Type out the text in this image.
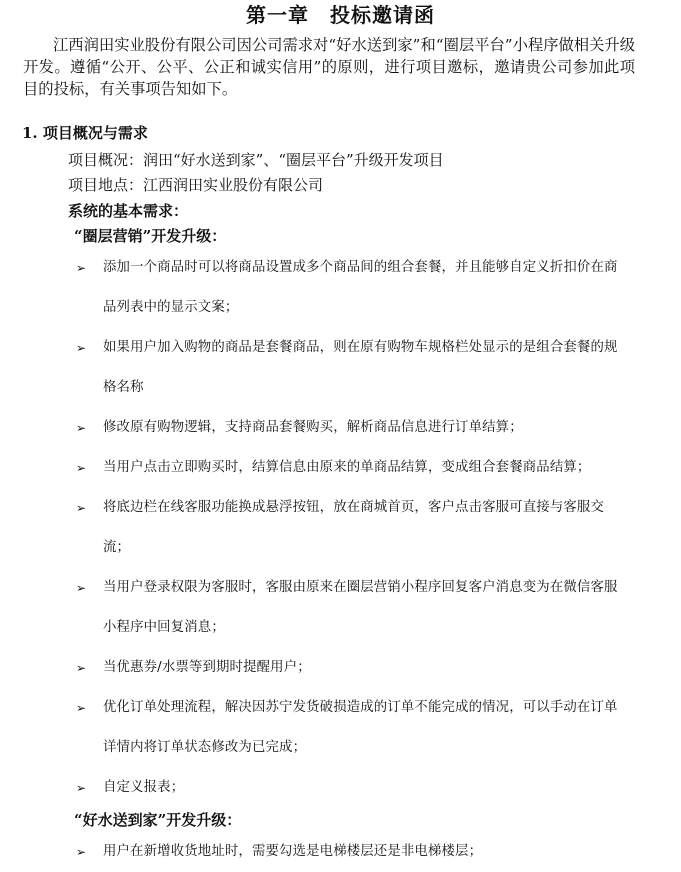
第一章　投标邀请函
江西润田实业股份有限公司因公司需求对“好水送到家”和“圈层平台”小程序做相关升级开发。遵循“公开、公平、公正和诚实信用”的原则，进行项目邀标，邀请贵公司参加此项目的投标，有关事项告知如下。
1. 项目概况与需求
项目概况：润田“好水送到家”、“圈层平台”升级开发项目
项目地点：江西润田实业股份有限公司
系统的基本需求：
“圈层营销”开发升级：
➢ 添加一个商品时可以将商品设置成多个商品间的组合套餐，并且能够自定义折扣价在商品列表中的显示文案；
➢ 如果用户加入购物的商品是套餐商品，则在原有购物车规格栏处显示的是组合套餐的规格名称
➢ 修改原有购物逻辑，支持商品套餐购买，解析商品信息进行订单结算；
➢ 当用户点击立即购买时，结算信息由原来的单商品结算，变成组合套餐商品结算；
➢ 将底边栏在线客服功能换成悬浮按钮，放在商城首页，客户点击客服可直接与客服交流；
➢ 当用户登录权限为客服时，客服由原来在圈层营销小程序回复客户消息变为在微信客服小程序中回复消息；
➢ 当优惠券/水票等到期时提醒用户；
➢ 优化订单处理流程，解决因苏宁发货破损造成的订单不能完成的情况，可以手动在订单详情内将订单状态修改为已完成；
➢ 自定义报表；
“好水送到家”开发升级：
➢ 用户在新增收货地址时，需要勾选是电梯楼层还是非电梯楼层；
